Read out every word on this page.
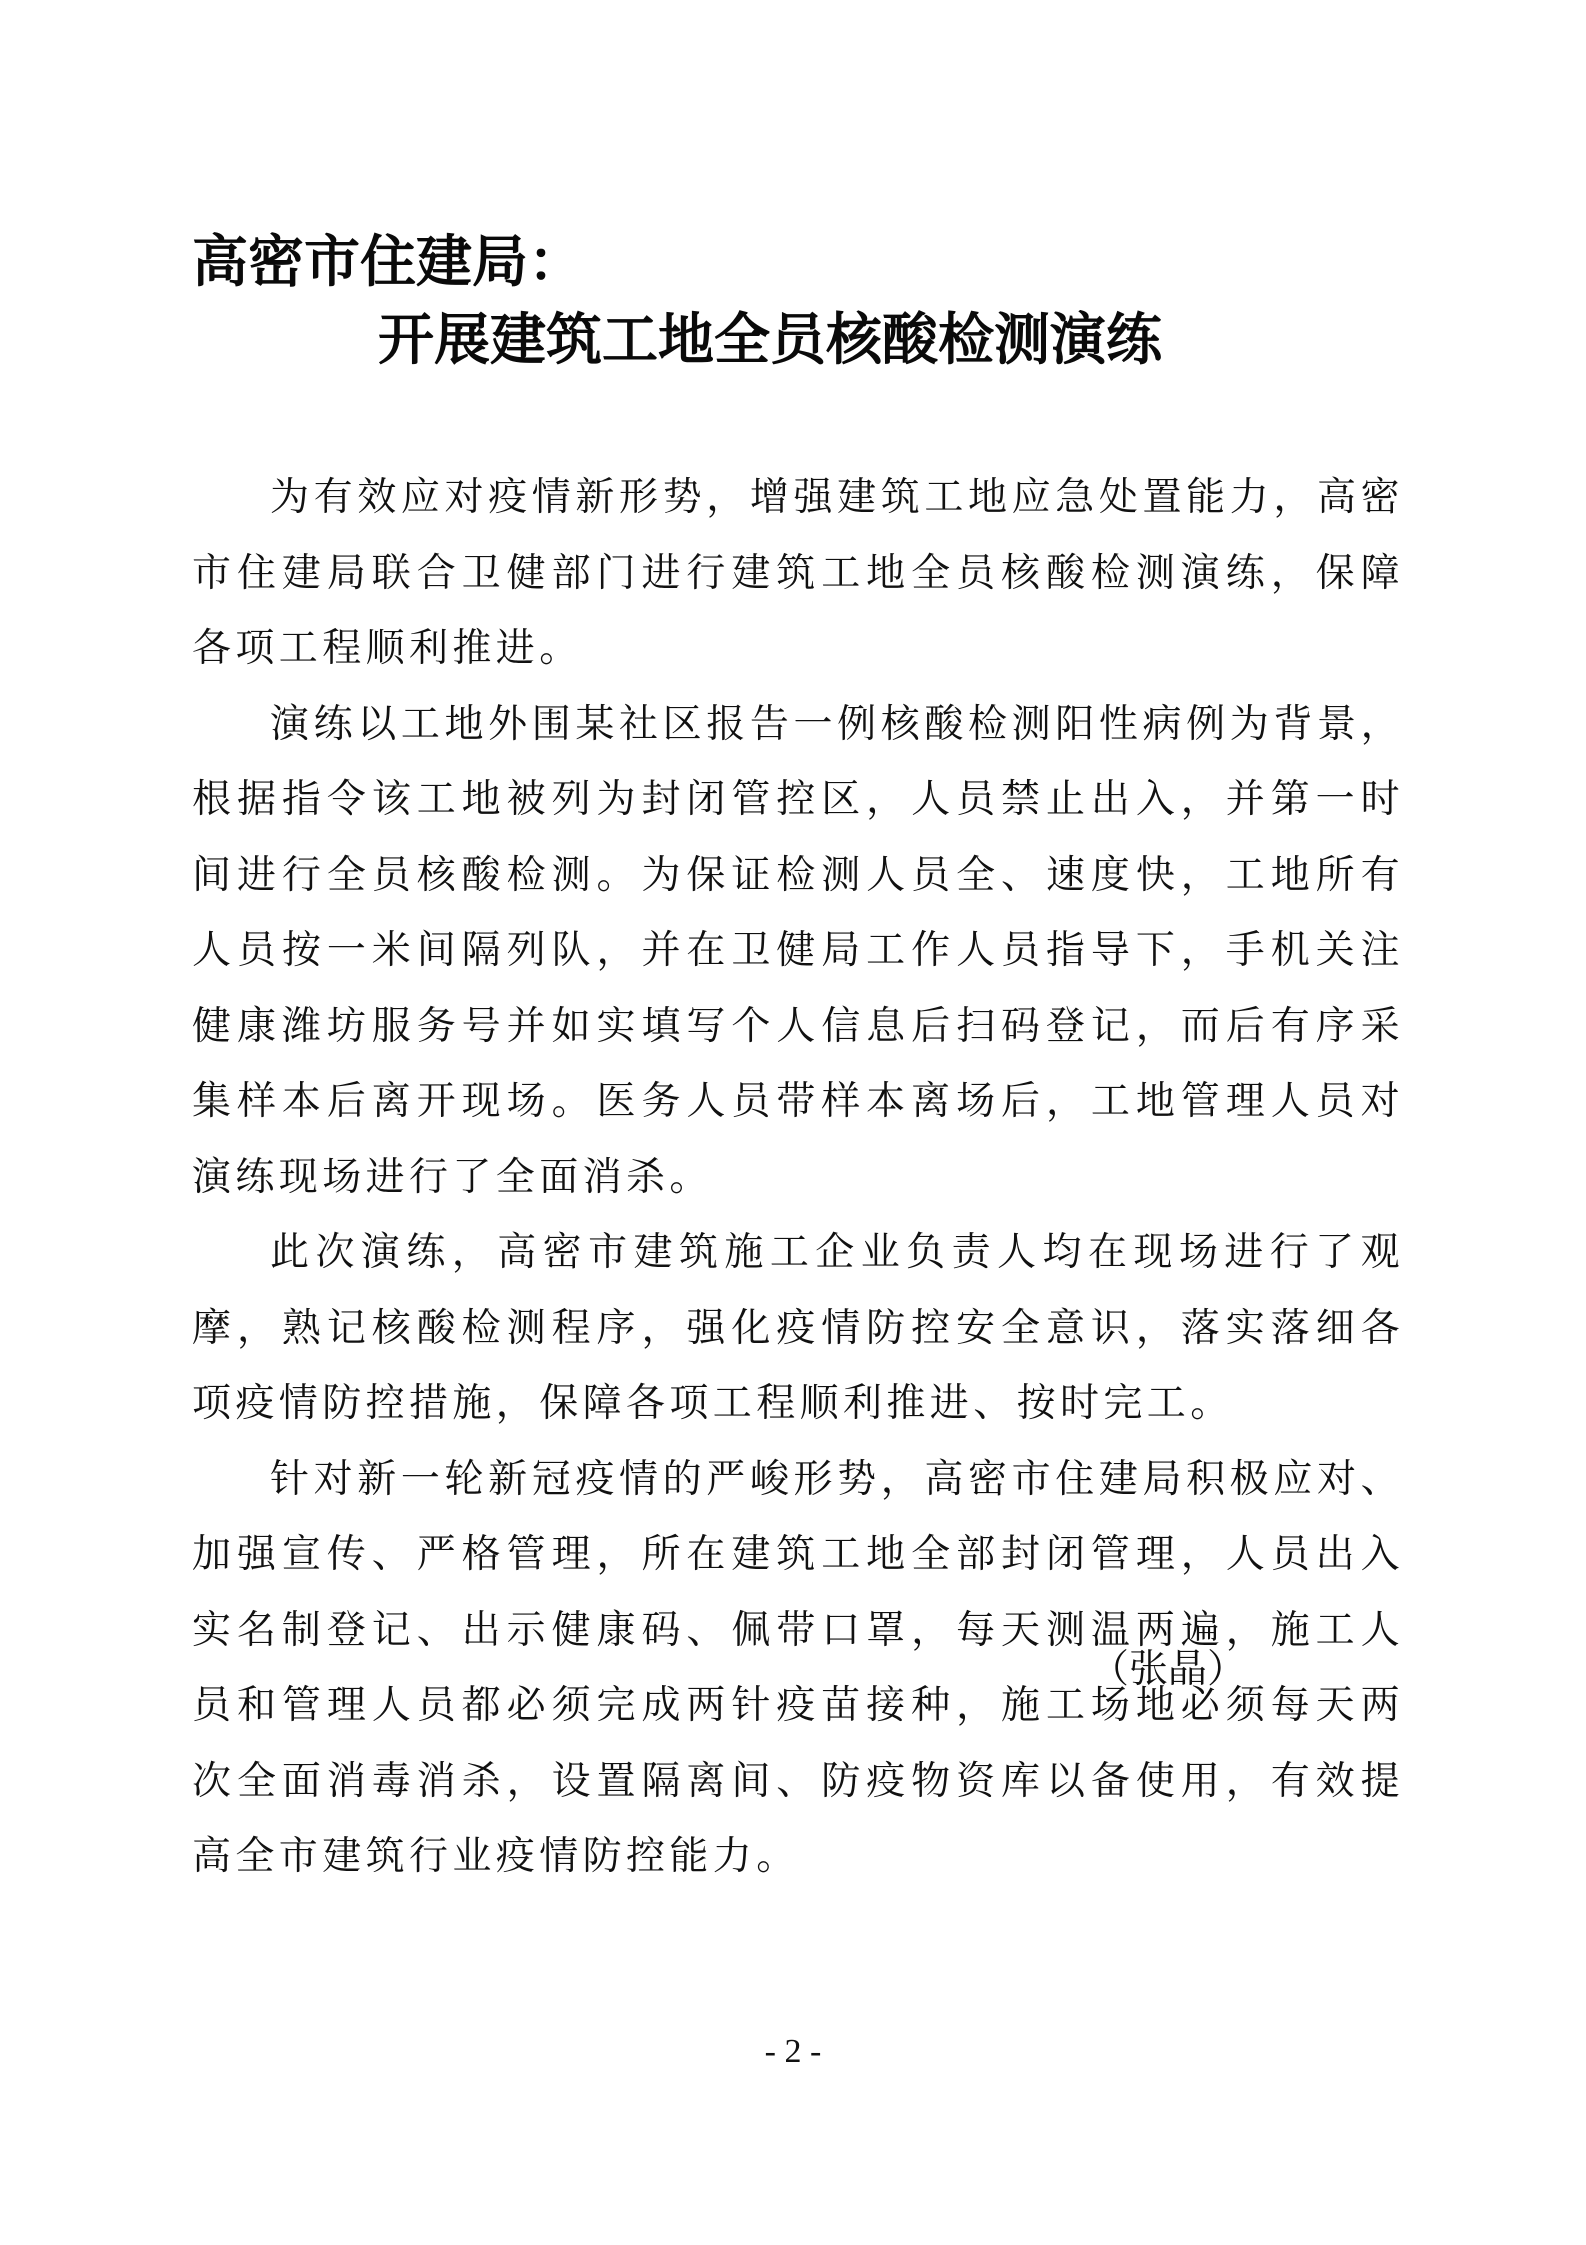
高密市住建局：
开展建筑工地全员核酸检测演练

为有效应对疫情新形势，增强建筑工地应急处置能力，高密市住建局联合卫健部门进行建筑工地全员核酸检测演练，保障各项工程顺利推进。

演练以工地外围某社区报告一例核酸检测阳性病例为背景，根据指令该工地被列为封闭管控区，人员禁止出入，并第一时间进行全员核酸检测。为保证检测人员全、速度快，工地所有人员按一米间隔列队，并在卫健局工作人员指导下，手机关注健康潍坊服务号并如实填写个人信息后扫码登记，而后有序采集样本后离开现场。医务人员带样本离场后，工地管理人员对演练现场进行了全面消杀。

此次演练，高密市建筑施工企业负责人均在现场进行了观摩，熟记核酸检测程序，强化疫情防控安全意识，落实落细各项疫情防控措施，保障各项工程顺利推进、按时完工。

针对新一轮新冠疫情的严峻形势，高密市住建局积极应对、加强宣传、严格管理，所在建筑工地全部封闭管理，人员出入实名制登记、出示健康码、佩带口罩，每天测温两遍，施工人员和管理人员都必须完成两针疫苗接种，施工场地必须每天两次全面消毒消杀，设置隔离间、防疫物资库以备使用，有效提高全市建筑行业疫情防控能力。

（张晶）
- 2 -
